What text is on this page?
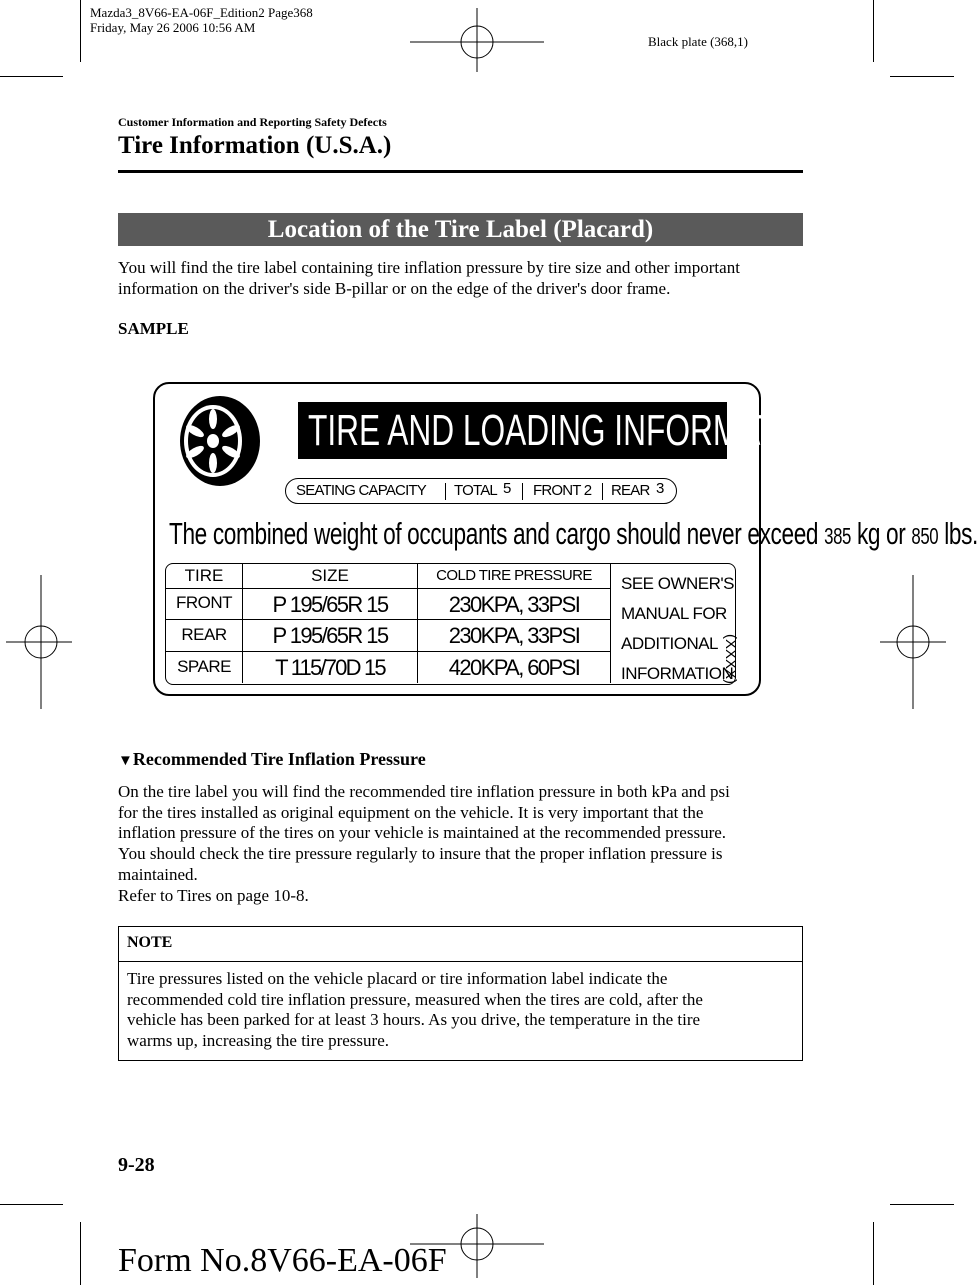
Mazda3_8V66-EA-06F_Edition2 Page368
Friday, May 26 2006 10:56 AM
Black plate (368,1)
Customer Information and Reporting Safety Defects
Tire Information (U.S.A.)
Location of the Tire Label (Placard)
You will find the tire label containing tire inflation pressure by tire size and other important
information on the driver's side B-pillar or on the edge of the driver's door frame.
SAMPLE
TIRE AND LOADING INFORMATION
SEATING CAPACITY TOTAL 5 FRONT 2 REAR 3
The combined weight of occupants and cargo should never exceed 385 kg or 850 lbs.
TIRE	SIZE	COLD TIRE PRESSURE
FRONT	P 195/65R 15	230KPA, 33PSI
REAR	P 195/65R 15	230KPA, 33PSI
SPARE	T 115/70D 15	420KPA, 60PSI
SEE OWNER'S
MANUAL FOR
ADDITIONAL
INFORMATION
(XXXX)
▼Recommended Tire Inflation Pressure
On the tire label you will find the recommended tire inflation pressure in both kPa and psi
for the tires installed as original equipment on the vehicle. It is very important that the
inflation pressure of the tires on your vehicle is maintained at the recommended pressure.
You should check the tire pressure regularly to insure that the proper inflation pressure is
maintained.
Refer to Tires on page 10-8.
NOTE
Tire pressures listed on the vehicle placard or tire information label indicate the
recommended cold tire inflation pressure, measured when the tires are cold, after the
vehicle has been parked for at least 3 hours. As you drive, the temperature in the tire
warms up, increasing the tire pressure.
9-28
Form No.8V66-EA-06F
